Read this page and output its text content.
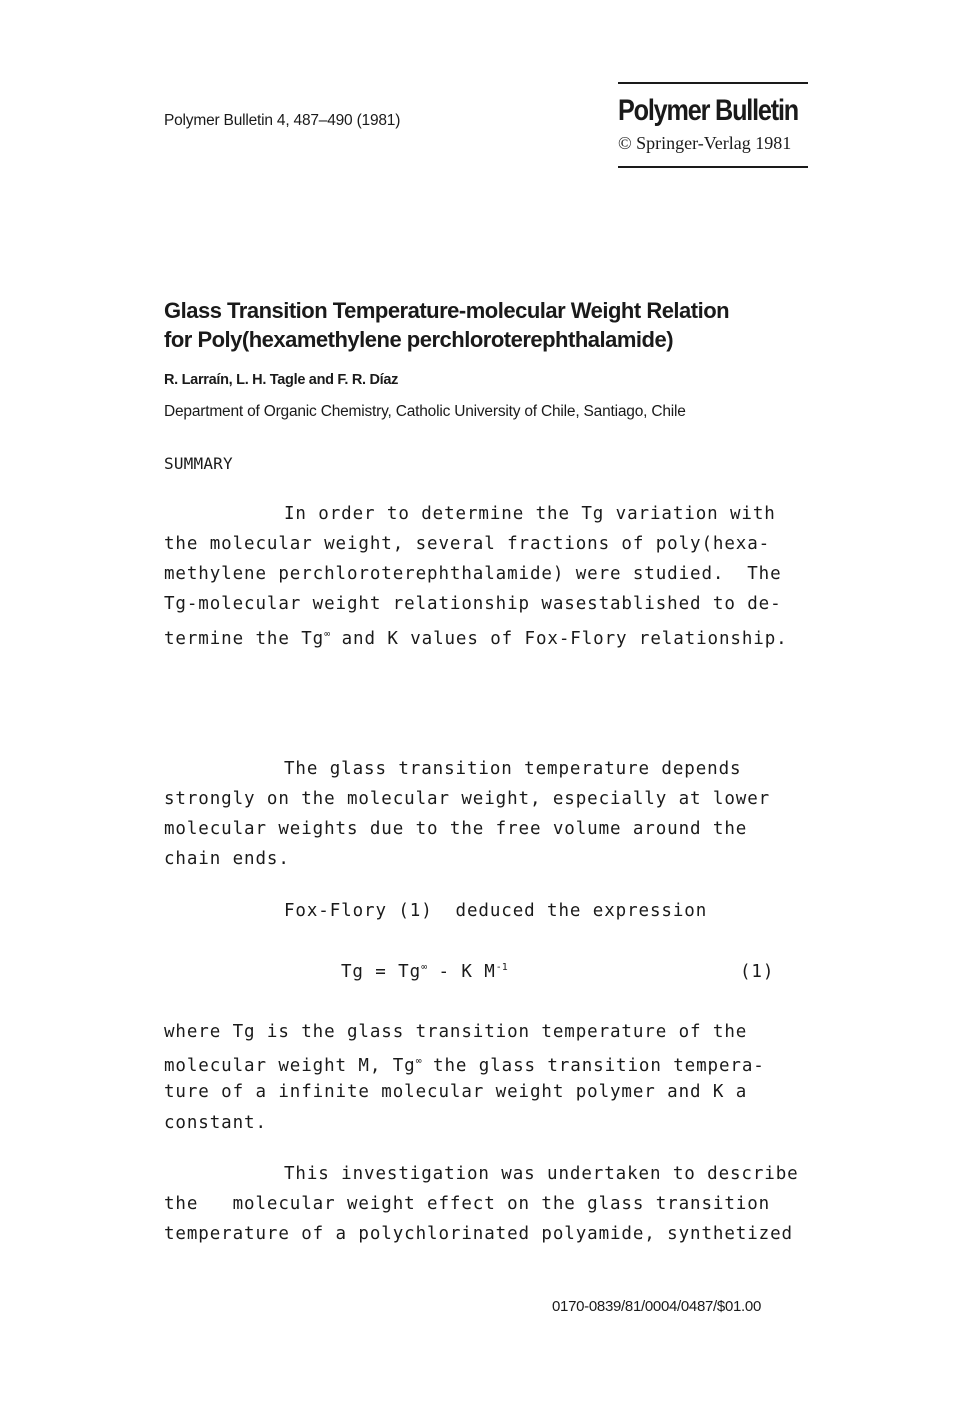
Polymer Bulletin 4, 487–490 (1981)	Polymer Bulletin
© Springer-Verlag 1981
Glass Transition Temperature-molecular Weight Relation
for Poly(hexamethylene perchloroterephthalamide)
R. Larraín, L. H. Tagle and F. R. Díaz
Department of Organic Chemistry, Catholic University of Chile, Santiago, Chile
SUMMARY
In order to determine the Tg variation with
the molecular weight, several fractions of poly(hexa-
methylene perchloroterephthalamide) were studied.  The
Tg-molecular weight relationship wasestablished to de-
termine the Tg∞ and K values of Fox-Flory relationship.
The glass transition temperature depends
strongly on the molecular weight, especially at lower
molecular weights due to the free volume around the
chain ends.
Fox-Flory (1)  deduced the expression
Tg = Tg∞ - K $M^{-1}$	(1)
where Tg is the glass transition temperature of the
molecular weight M, Tg∞ the glass transition tempera-
ture of a infinite molecular weight polymer and K a
constant.
This investigation was undertaken to describe
the   molecular weight effect on the glass transition
temperature of a polychlorinated polyamide, synthetized
0170-0839/81/0004/0487/$01.00
